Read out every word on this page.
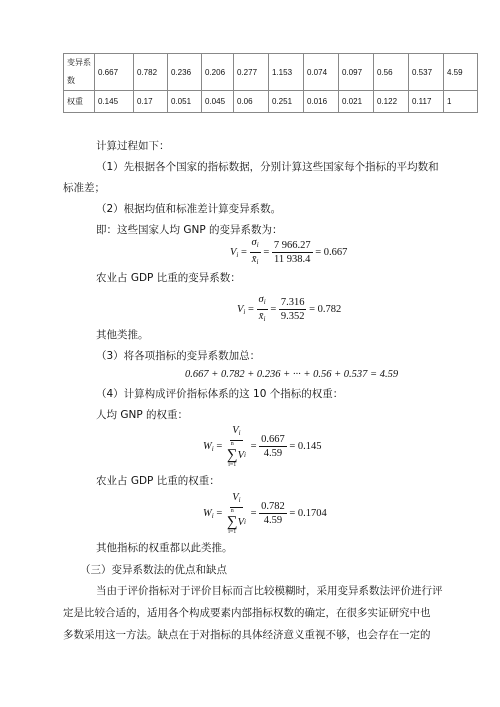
变异系数	0.667	0.782	0.236	0.206	0.277	1.153	0.074	0.097	0.56	0.537	4.59
权重	0.145	0.17	0.051	0.045	0.06	0.251	0.016	0.021	0.122	0.117	1
计算过程如下：
（1）先根据各个国家的指标数据，分别计算这些国家每个指标的平均数和
标准差；
（2）根据均值和标准差计算变异系数。
即：这些国家人均 GNP 的变异系数为：
$V_i = \frac{\sigma_i}{x̄_i} = \frac{7 966.27}{11 938.4} = 0.667$
农业占 GDP 比重的变异系数：
$V_i = \frac{\sigma_i}{x̄_i} = \frac{7.316}{9.352} = 0.782$
其他类推。
（3）将各项指标的变异系数加总：
0.667 + 0.782 + 0.236 + ··· + 0.56 + 0.537 = 4.59
（4）计算构成评价指标体系的这 10 个指标的权重：
人均 GNP 的权重：
$W_i = V_i$
n
∑
i=1
V $i = \frac{0.667}{4.59} = 0.145$
农业占 GDP 比重的权重：
$W_i = V_i$
n
∑
i=1
V $i = \frac{0.782}{4.59} = 0.1704$
其他指标的权重都以此类推。
（三）变异系数法的优点和缺点
当由于评价指标对于评价目标而言比较模糊时，采用变异系数法评价进行评
定是比较合适的，适用各个构成要素内部指标权数的确定，在很多实证研究中也
多数采用这一方法。缺点在于对指标的具体经济意义重视不够，也会存在一定的
